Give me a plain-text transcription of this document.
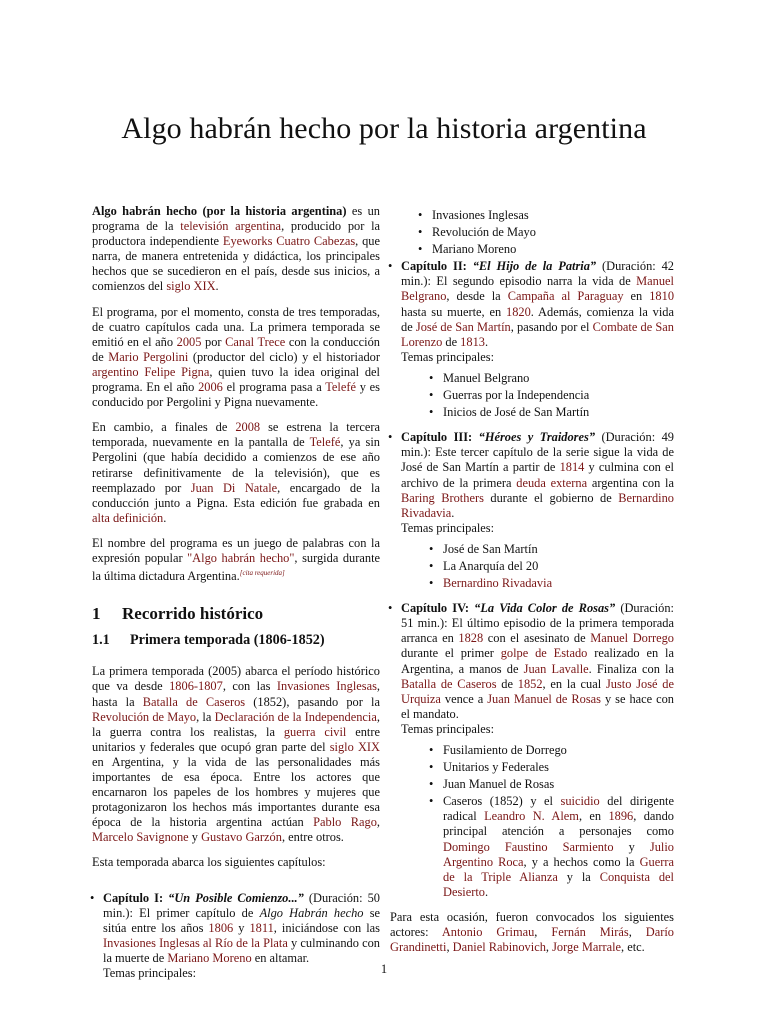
Algo habrán hecho por la historia argentina

Algo habrán hecho (por la historia argentina) es un programa de la televisión argentina, producido por la productora independiente Eyeworks Cuatro Cabezas, que narra, de manera entretenida y didáctica, los principales hechos que se sucedieron en el país, desde sus inicios, a comienzos del siglo XIX.

El programa, por el momento, consta de tres temporadas, de cuatro capítulos cada una. La primera temporada se emitió en el año 2005 por Canal Trece con la conducción de Mario Pergolini (productor del ciclo) y el historiador argentino Felipe Pigna, quien tuvo la idea original del programa. En el año 2006 el programa pasa a Telefé y es conducido por Pergolini y Pigna nuevamente.

En cambio, a finales de 2008 se estrena la tercera temporada, nuevamente en la pantalla de Telefé, ya sin Pergolini (que había decidido a comienzos de ese año retirarse definitivamente de la televisión), que es reemplazado por Juan Di Natale, encargado de la conducción junto a Pigna. Esta edición fue grabada en alta definición.

El nombre del programa es un juego de palabras con la expresión popular "Algo habrán hecho", surgida durante la última dictadura Argentina.[cita requerida]

1 Recorrido histórico
1.1 Primera temporada (1806-1852)

La primera temporada (2005) abarca el período histórico que va desde 1806-1807, con las Invasiones Inglesas, hasta la Batalla de Caseros (1852), pasando por la Revolución de Mayo, la Declaración de la Independencia, la guerra contra los realistas, la guerra civil entre unitarios y federales que ocupó gran parte del siglo XIX en Argentina, y la vida de las personalidades más importantes de esa época. Entre los actores que encarnaron los papeles de los hombres y mujeres que protagonizaron los hechos más importantes durante esa época de la historia argentina actúan Pablo Rago, Marcelo Savignone y Gustavo Garzón, entre otros.

Esta temporada abarca los siguientes capítulos:

• Capítulo I: “Un Posible Comienzo...” (Duración: 50 min.): El primer capítulo de Algo Habrán hecho se sitúa entre los años 1806 y 1811, iniciándose con las Invasiones Inglesas al Río de la Plata y culminando con la muerte de Mariano Moreno en altamar.
Temas principales:
• Invasiones Inglesas
• Revolución de Mayo
• Mariano Moreno
• Capítulo II: “El Hijo de la Patria” (Duración: 42 min.): El segundo episodio narra la vida de Manuel Belgrano, desde la Campaña al Paraguay en 1810 hasta su muerte, en 1820. Además, comienza la vida de José de San Martín, pasando por el Combate de San Lorenzo de 1813.
Temas principales:
• Manuel Belgrano
• Guerras por la Independencia
• Inicios de José de San Martín
• Capítulo III: “Héroes y Traidores” (Duración: 49 min.): Este tercer capítulo de la serie sigue la vida de José de San Martín a partir de 1814 y culmina con el archivo de la primera deuda externa argentina con la Baring Brothers durante el gobierno de Bernardino Rivadavia.
Temas principales:
• José de San Martín
• La Anarquía del 20
• Bernardino Rivadavia
• Capítulo IV: “La Vida Color de Rosas” (Duración: 51 min.): El último episodio de la primera temporada arranca en 1828 con el asesinato de Manuel Dorrego durante el primer golpe de Estado realizado en la Argentina, a manos de Juan Lavalle. Finaliza con la Batalla de Caseros de 1852, en la cual Justo José de Urquiza vence a Juan Manuel de Rosas y se hace con el mandato.
Temas principales:
• Fusilamiento de Dorrego
• Unitarios y Federales
• Juan Manuel de Rosas
• Caseros (1852) y el suicidio del dirigente radical Leandro N. Alem, en 1896, dando principal atención a personajes como Domingo Faustino Sarmiento y Julio Argentino Roca, y a hechos como la Guerra de la Triple Alianza y la Conquista del Desierto.

Para esta ocasión, fueron convocados los siguientes actores: Antonio Grimau, Fernán Mirás, Darío Grandinetti, Daniel Rabinovich, Jorge Marrale, etc.

1
